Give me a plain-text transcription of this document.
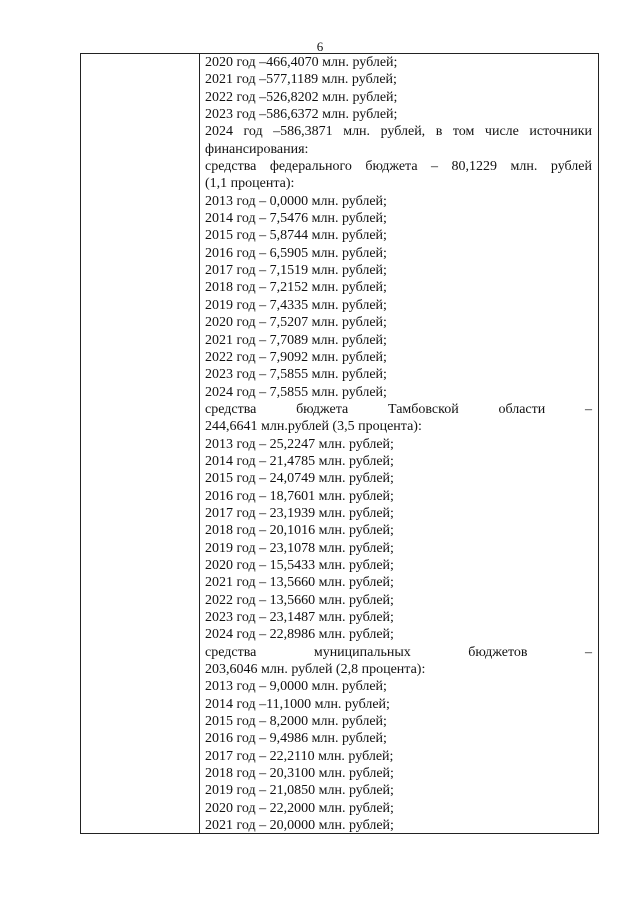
6
2020 год –466,4070 млн. рублей;
2021 год –577,1189 млн. рублей;
2022 год –526,8202 млн. рублей;
2023 год –586,6372 млн. рублей;
2024 год –586,3871 млн. рублей, в том числе источники
финансирования:
средства федерального бюджета – 80,1229 млн. рублей
(1,1 процента):
2013 год – 0,0000 млн. рублей;
2014 год – 7,5476 млн. рублей;
2015 год – 5,8744 млн. рублей;
2016 год – 6,5905 млн. рублей;
2017 год – 7,1519 млн. рублей;
2018 год – 7,2152 млн. рублей;
2019 год – 7,4335 млн. рублей;
2020 год – 7,5207 млн. рублей;
2021 год – 7,7089 млн. рублей;
2022 год – 7,9092 млн. рублей;
2023 год – 7,5855 млн. рублей;
2024 год – 7,5855 млн. рублей;
средства	бюджета	Тамбовской	области	–
244,6641 млн.рублей (3,5 процента):
2013 год – 25,2247 млн. рублей;
2014 год – 21,4785 млн. рублей;
2015 год – 24,0749 млн. рублей;
2016 год – 18,7601 млн. рублей;
2017 год – 23,1939 млн. рублей;
2018 год – 20,1016 млн. рублей;
2019 год – 23,1078 млн. рублей;
2020 год – 15,5433 млн. рублей;
2021 год – 13,5660 млн. рублей;
2022 год – 13,5660 млн. рублей;
2023 год – 23,1487 млн. рублей;
2024 год – 22,8986 млн. рублей;
средства	муниципальных	бюджетов	–
203,6046 млн. рублей (2,8 процента):
2013 год – 9,0000 млн. рублей;
2014 год –11,1000 млн. рублей;
2015 год – 8,2000 млн. рублей;
2016 год – 9,4986 млн. рублей;
2017 год – 22,2110 млн. рублей;
2018 год – 20,3100 млн. рублей;
2019 год – 21,0850 млн. рублей;
2020 год – 22,2000 млн. рублей;
2021 год – 20,0000 млн. рублей;
